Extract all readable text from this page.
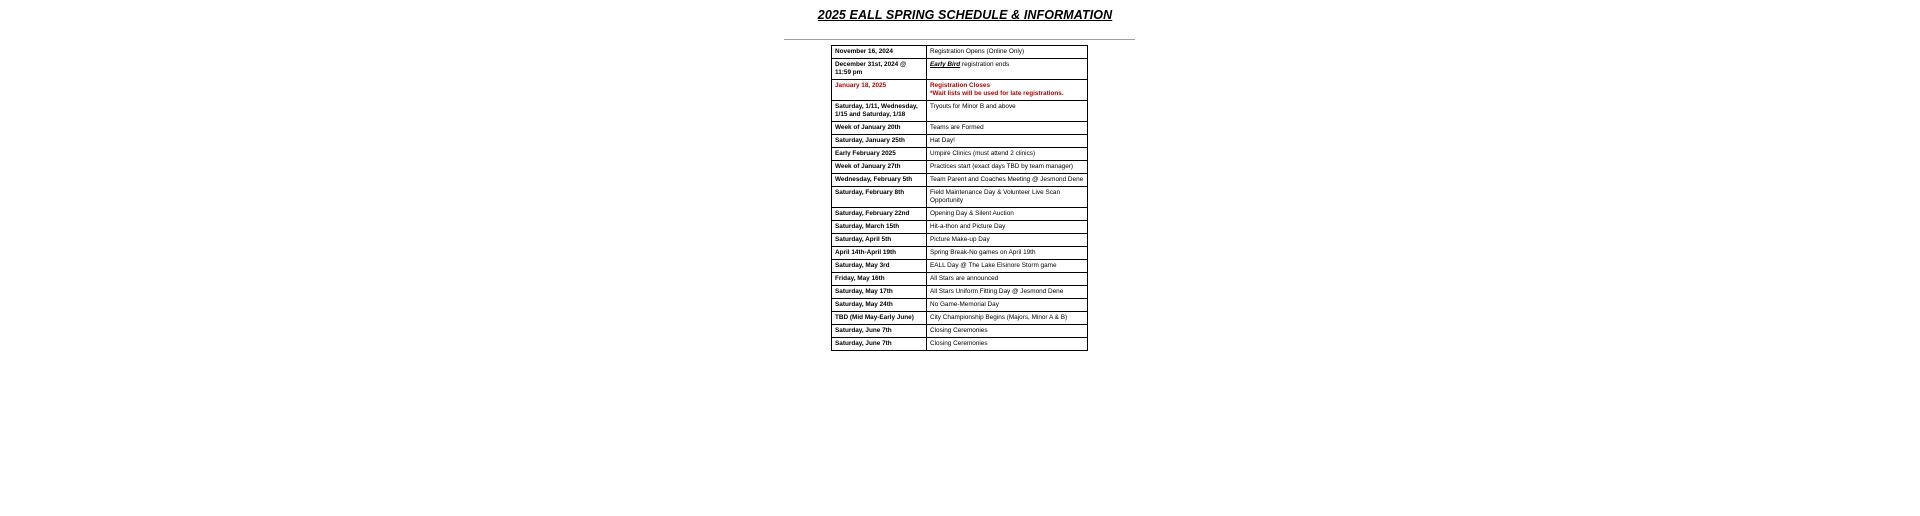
2025 EALL SPRING SCHEDULE & INFORMATION
November 16, 2024	Registration Opens (Online Only)
December 31st, 2024 @ 11:59 pm	Early Bird registration ends
January 18, 2025	Registration Closes
*Wait lists will be used for late registrations.

Saturday, 1/11, Wednesday, 1/15 and Saturday, 1/18	Tryouts for Minor B and above
Week of January 20th	Teams are Formed
Saturday, January 25th	Hat Day!
Early February 2025	Umpire Clinics (must attend 2 clinics)
Week of January 27th	Practices start (exact days TBD by team manager)
Wednesday, February 5th	Team Parent and Coaches Meeting @ Jesmond Dene
Saturday, February 8th	Field Maintenance Day & Volunteer Live Scan Opportunity
Saturday, February 22nd	Opening Day & Silent Auction
Saturday, March 15th	Hit-a-thon and Picture Day
Saturday, April 5th	Picture Make-up Day
April 14th-April 19th	Spring Break-No games on April 19th
Saturday, May 3rd	EALL Day @ The Lake Elsinore Storm game
Friday, May 16th	All Stars are announced
Saturday, May 17th	All Stars Uniform Fitting Day @ Jesmond Dene
Saturday, May 24th	No Game-Memorial Day
TBD (Mid May-Early June)	City Championship Begins (Majors, Minor A & B)
Saturday, June 7th	Closing Ceremonies
Saturday, June 7th	Closing Ceremonies
